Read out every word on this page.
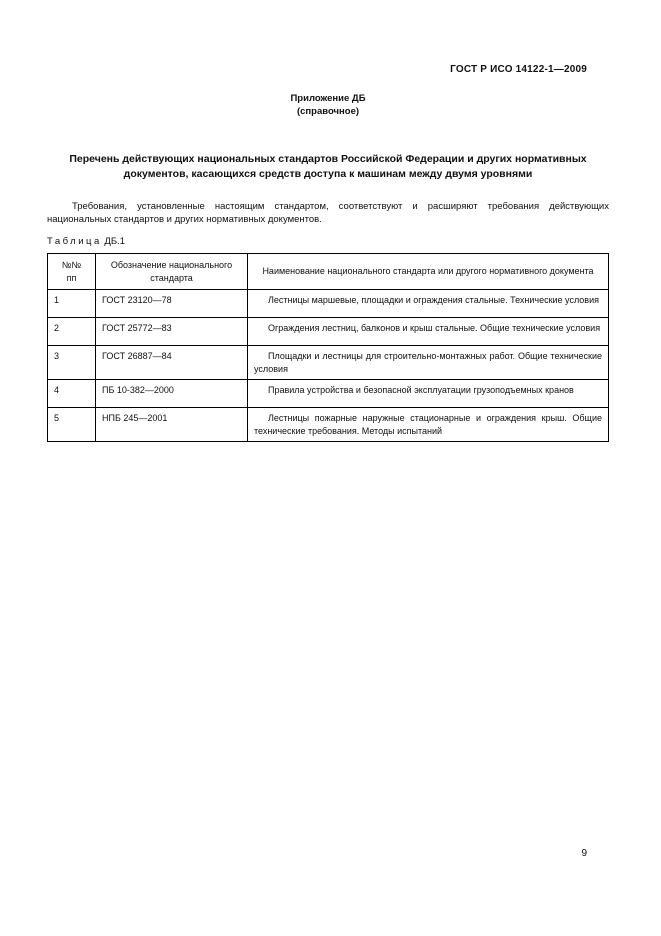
ГОСТ Р ИСО 14122-1—2009
Приложение ДБ
(справочное)
Перечень действующих национальных стандартов Российской Федерации и других нормативных документов, касающихся средств доступа к машинам между двумя уровнями
Требования, установленные настоящим стандартом, соответствуют и расширяют требования действующих национальных стандартов и других нормативных документов.
Таблица ДБ.1
№№ пп	Обозначение национального стандарта	Наименование национального стандарта или другого нормативного документа
1	ГОСТ 23120—78	Лестницы маршевые, площадки и ограждения стальные. Технические условия
2	ГОСТ 25772—83	Ограждения лестниц, балконов и крыш стальные. Общие технические условия
3	ГОСТ 26887—84	Площадки и лестницы для строительно-монтажных работ. Общие технические условия
4	ПБ 10-382—2000	Правила устройства и безопасной эксплуатации грузоподъемных кранов
5	НПБ 245—2001	Лестницы пожарные наружные стационарные и ограждения крыш. Общие технические требования. Методы испытаний
9
